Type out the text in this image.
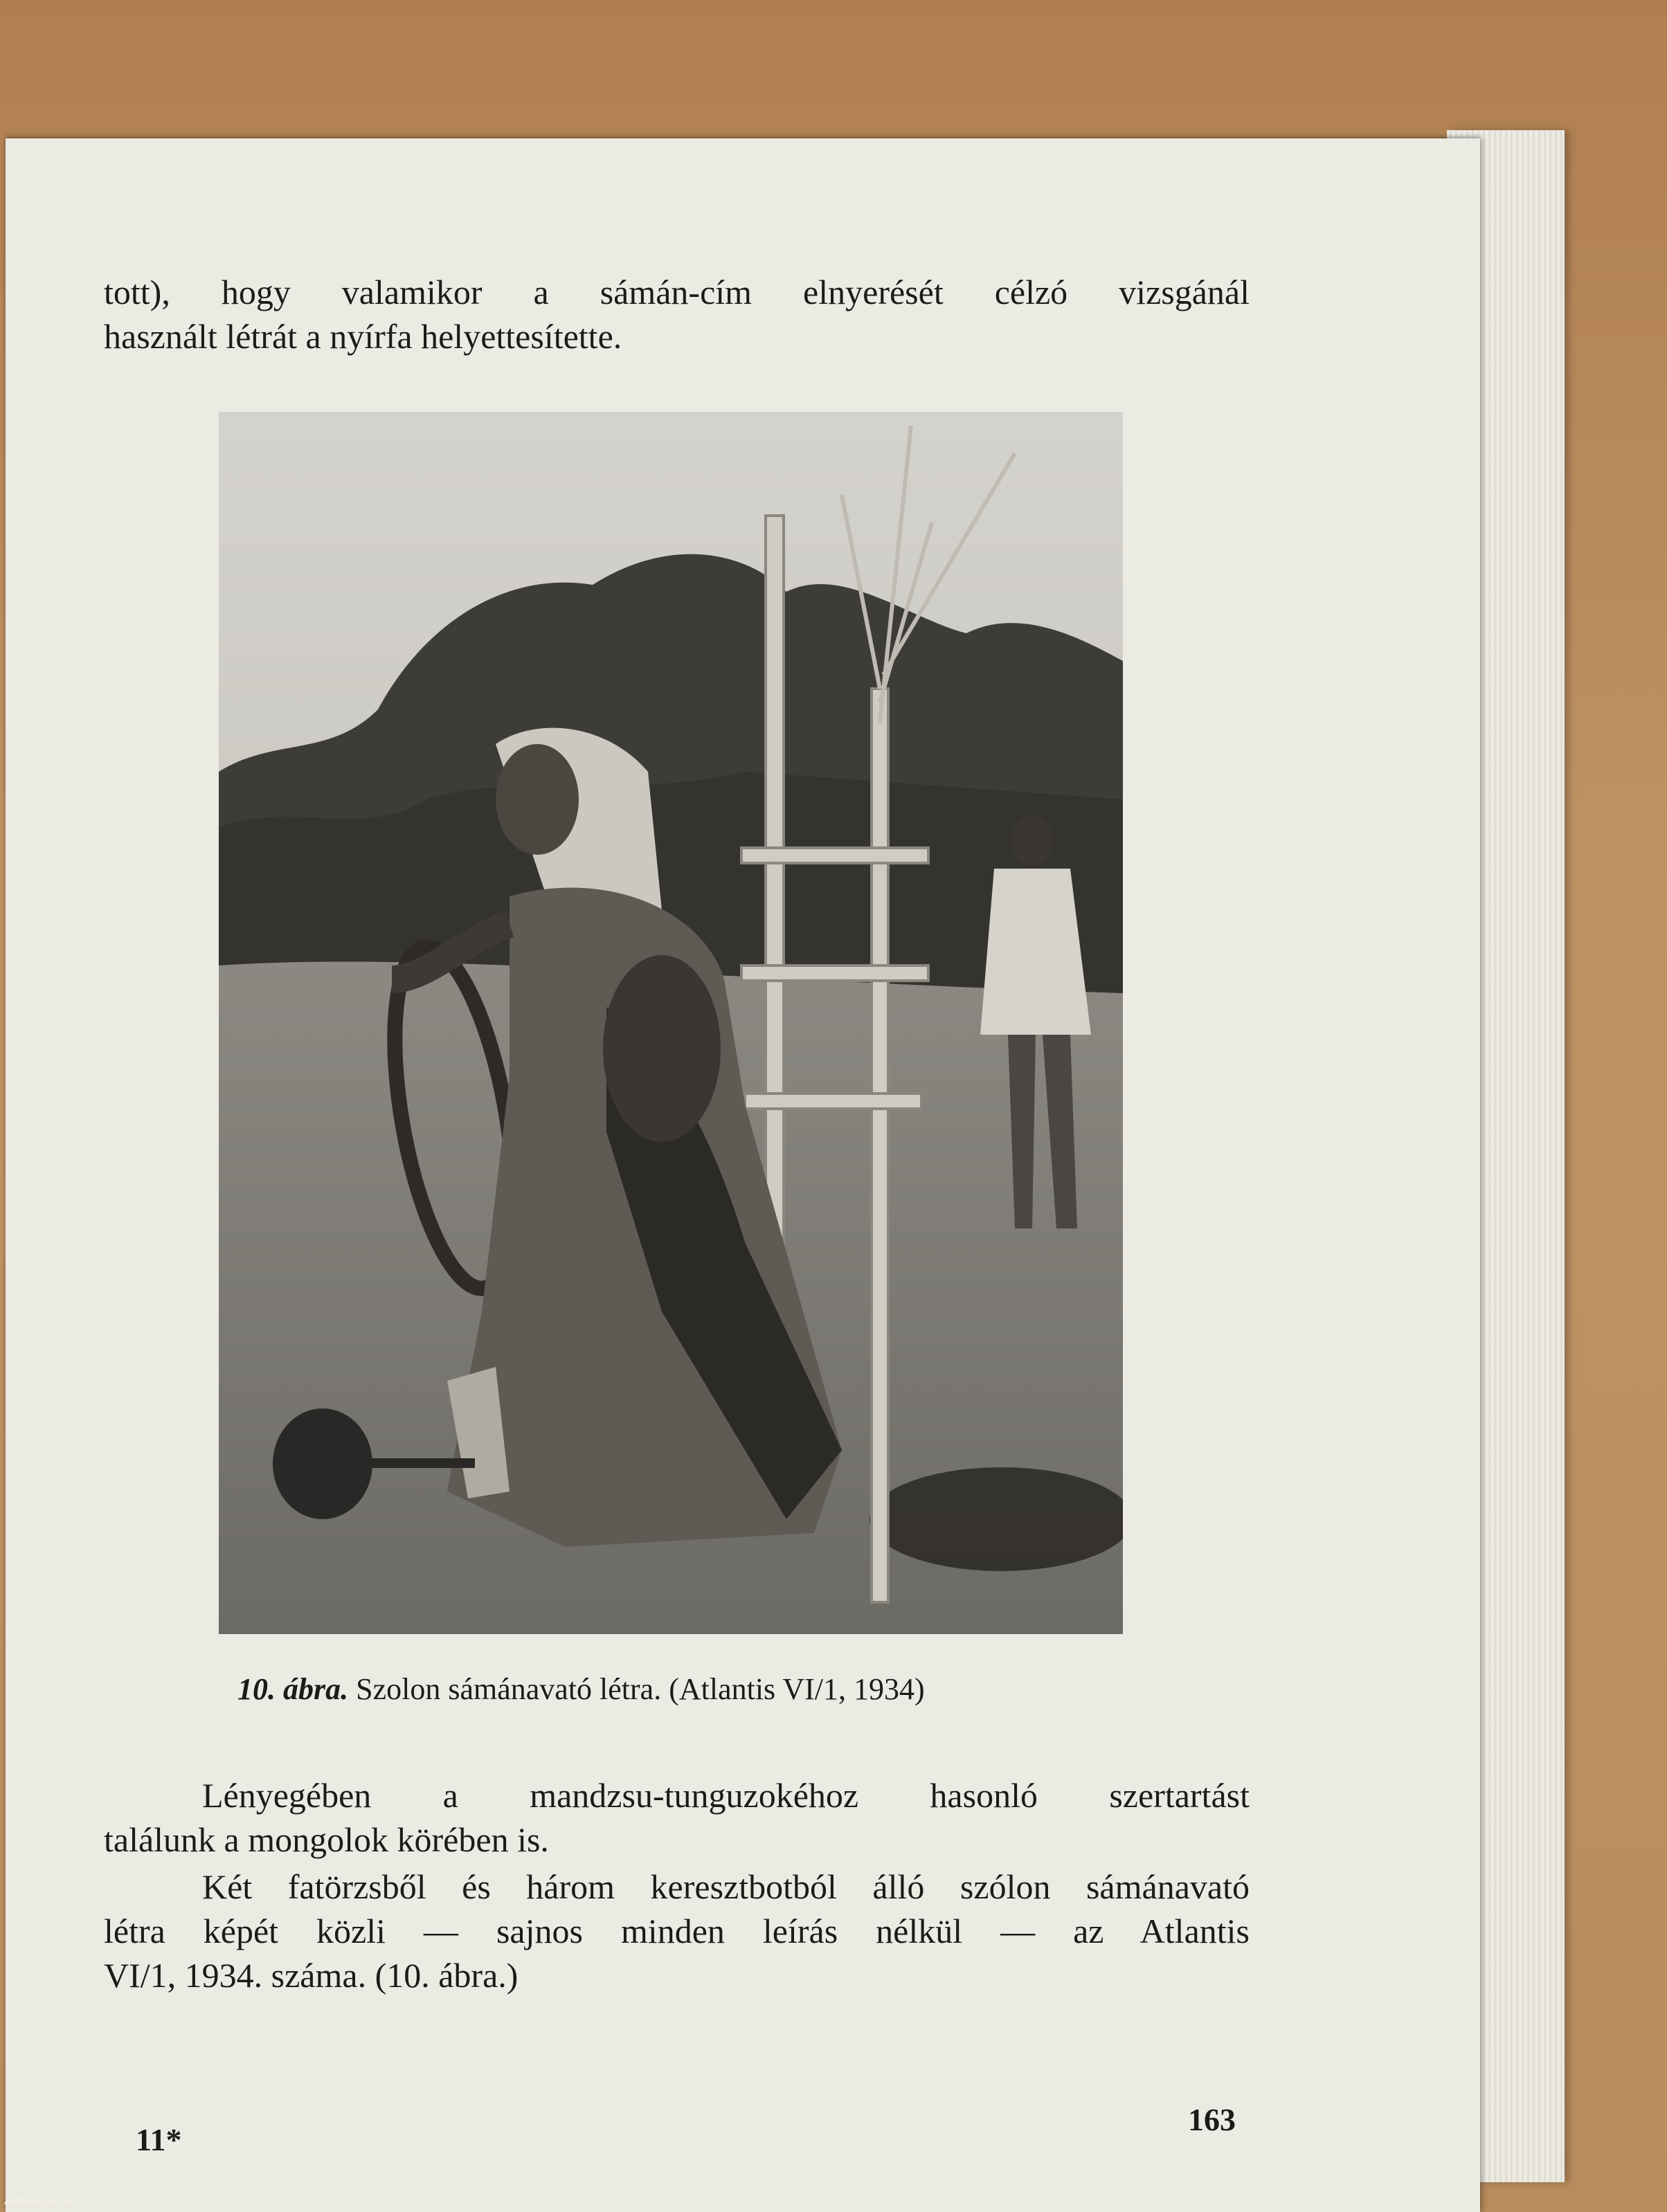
tott), hogy valamikor a sámán-cím elnyerését célzó vizsgánál
használt létrát a nyírfa helyettesítette.
10. ábra. Szolon sámánavató létra. (Atlantis VI/1, 1934)
Lényegében a mandzsu-tunguzokéhoz hasonló szertartást
találunk a mongolok körében is.
Két fatörzsből és három keresztbotból álló szólon sámánavató
létra képét közli — sajnos minden leírás nélkül — az Atlantis
VI/1, 1934. száma. (10. ábra.)
11*
163
Antikvarium.hu
